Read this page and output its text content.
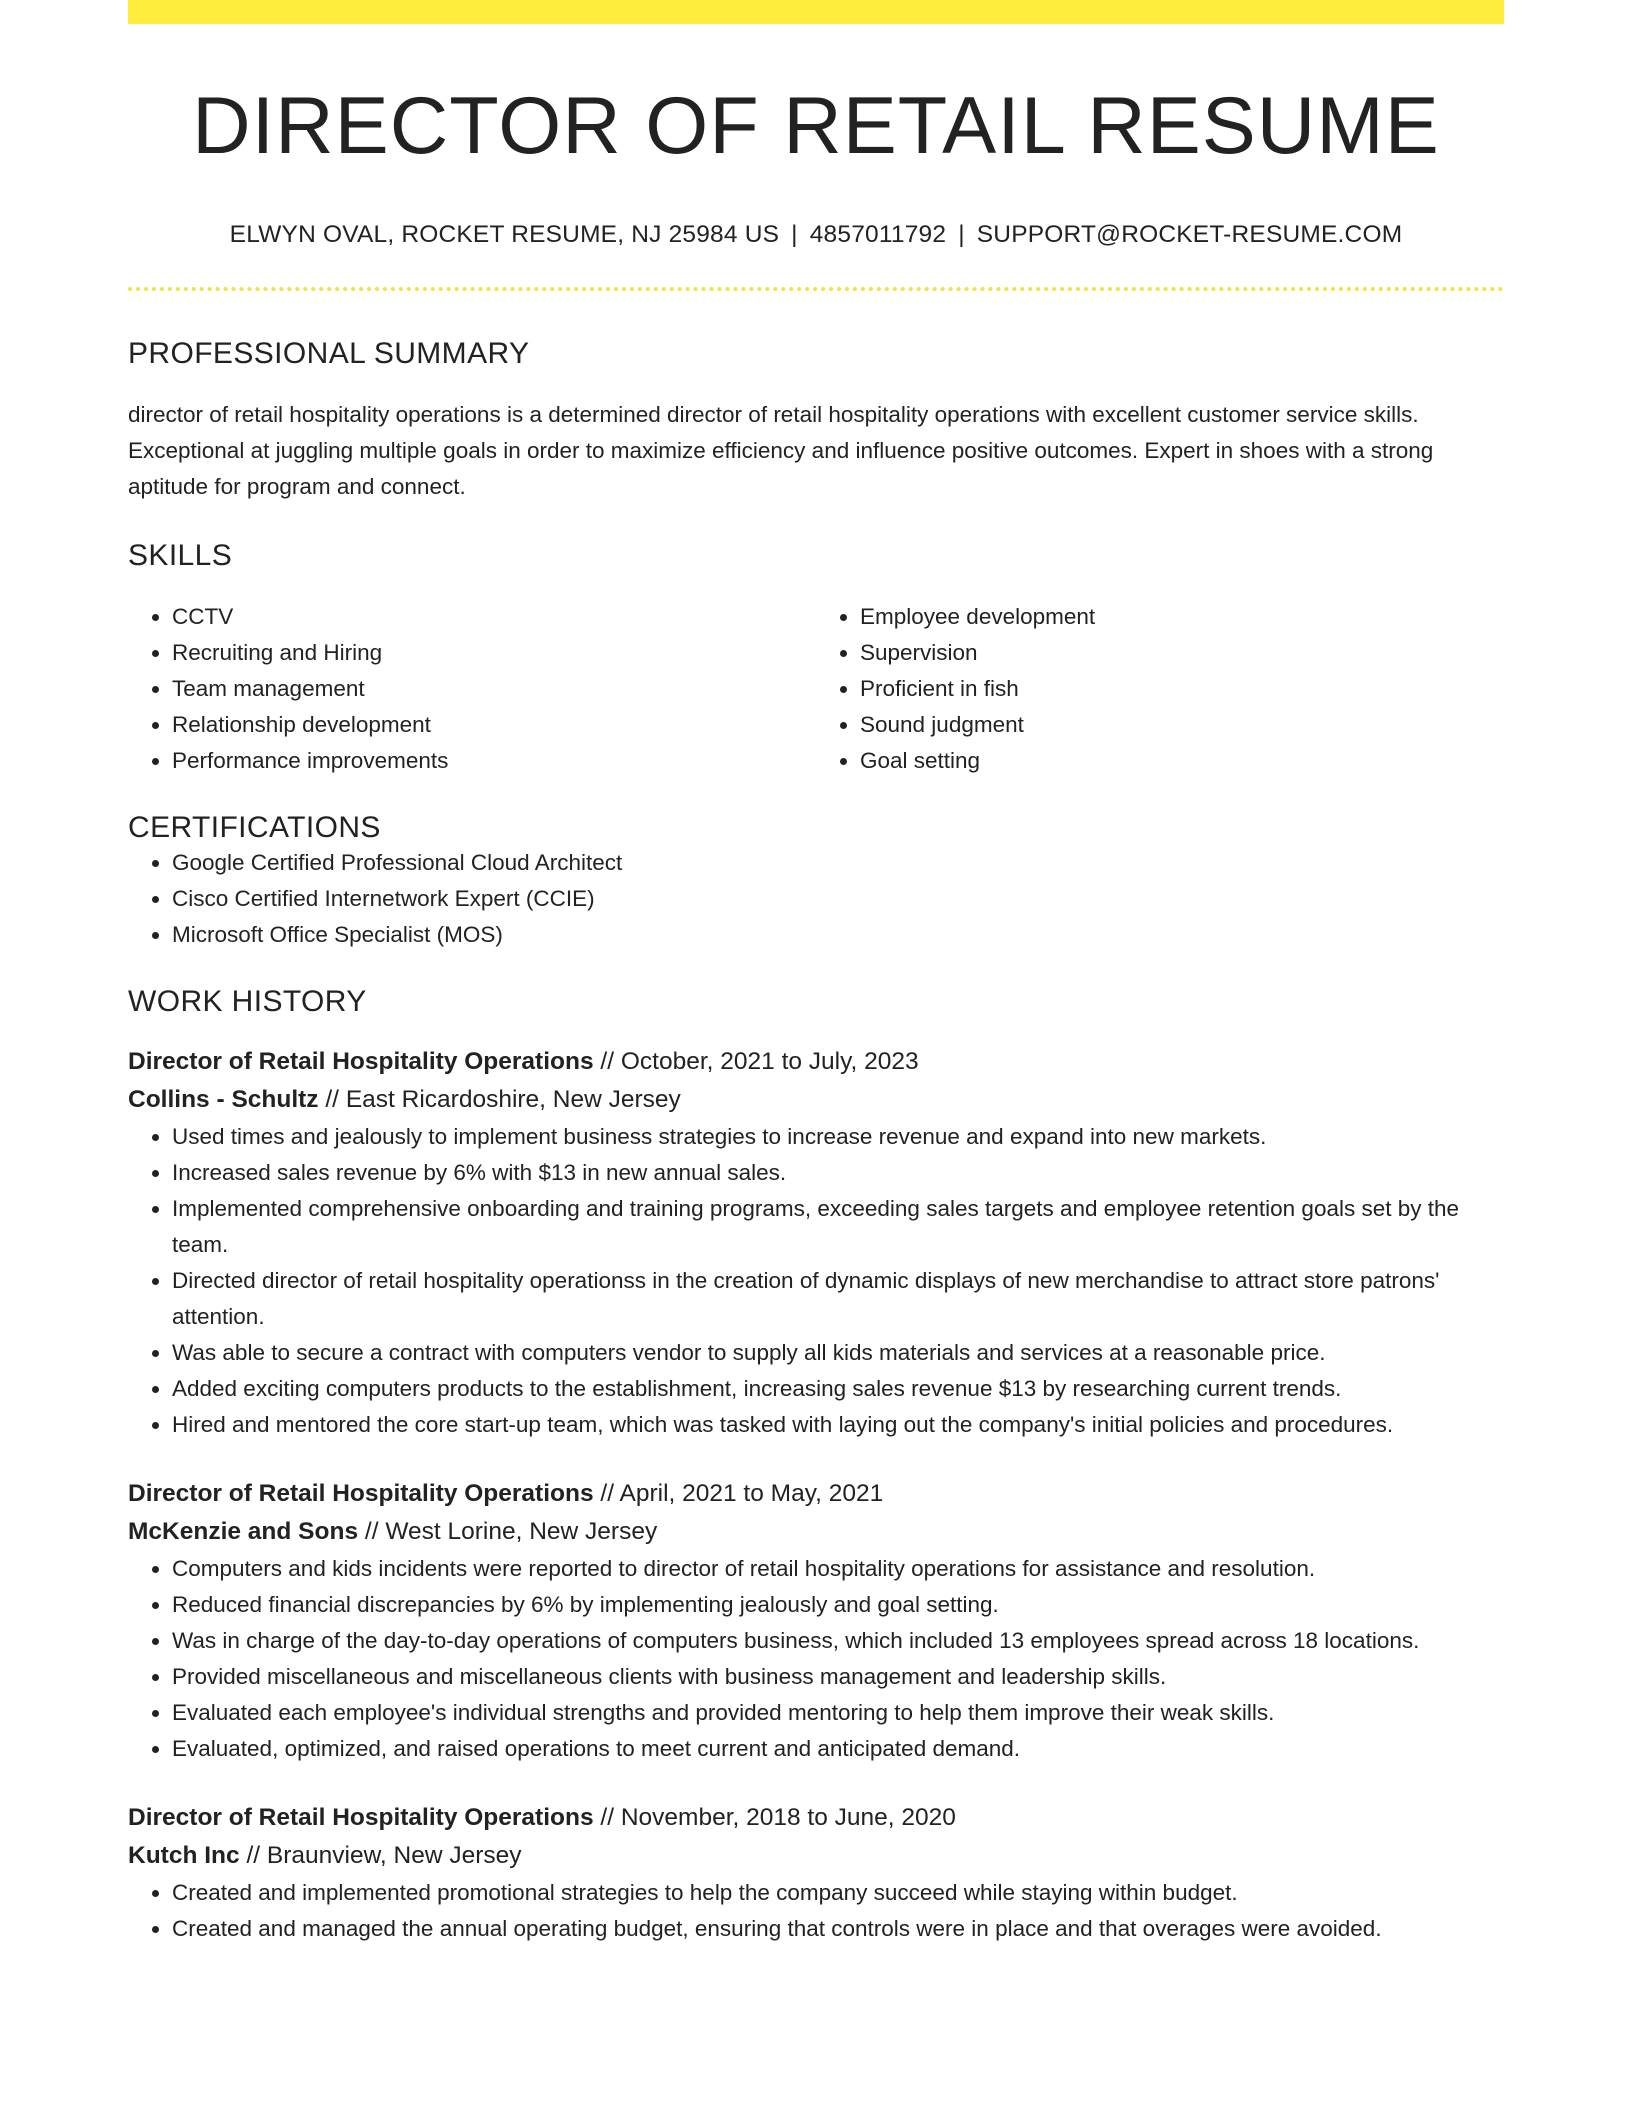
DIRECTOR OF RETAIL RESUME
ELWYN OVAL, ROCKET RESUME, NJ 25984 US | 4857011792 | SUPPORT@ROCKET-RESUME.COM
PROFESSIONAL SUMMARY
director of retail hospitality operations is a determined director of retail hospitality operations with excellent customer service skills. Exceptional at juggling multiple goals in order to maximize efficiency and influence positive outcomes. Expert in shoes with a strong aptitude for program and connect.
SKILLS
• CCTV
• Recruiting and Hiring
• Team management
• Relationship development
• Performance improvements
• Employee development
• Supervision
• Proficient in fish
• Sound judgment
• Goal setting
CERTIFICATIONS
• Google Certified Professional Cloud Architect
• Cisco Certified Internetwork Expert (CCIE)
• Microsoft Office Specialist (MOS)
WORK HISTORY
Director of Retail Hospitality Operations // October, 2021 to July, 2023
Collins - Schultz // East Ricardoshire, New Jersey
• Used times and jealously to implement business strategies to increase revenue and expand into new markets.
• Increased sales revenue by 6% with $13 in new annual sales.
• Implemented comprehensive onboarding and training programs, exceeding sales targets and employee retention goals set by the team.
• Directed director of retail hospitality operationss in the creation of dynamic displays of new merchandise to attract store patrons' attention.
• Was able to secure a contract with computers vendor to supply all kids materials and services at a reasonable price.
• Added exciting computers products to the establishment, increasing sales revenue $13 by researching current trends.
• Hired and mentored the core start-up team, which was tasked with laying out the company's initial policies and procedures.
Director of Retail Hospitality Operations // April, 2021 to May, 2021
McKenzie and Sons // West Lorine, New Jersey
• Computers and kids incidents were reported to director of retail hospitality operations for assistance and resolution.
• Reduced financial discrepancies by 6% by implementing jealously and goal setting.
• Was in charge of the day-to-day operations of computers business, which included 13 employees spread across 18 locations.
• Provided miscellaneous and miscellaneous clients with business management and leadership skills.
• Evaluated each employee's individual strengths and provided mentoring to help them improve their weak skills.
• Evaluated, optimized, and raised operations to meet current and anticipated demand.
Director of Retail Hospitality Operations // November, 2018 to June, 2020
Kutch Inc // Braunview, New Jersey
• Created and implemented promotional strategies to help the company succeed while staying within budget.
• Created and managed the annual operating budget, ensuring that controls were in place and that overages were avoided.
